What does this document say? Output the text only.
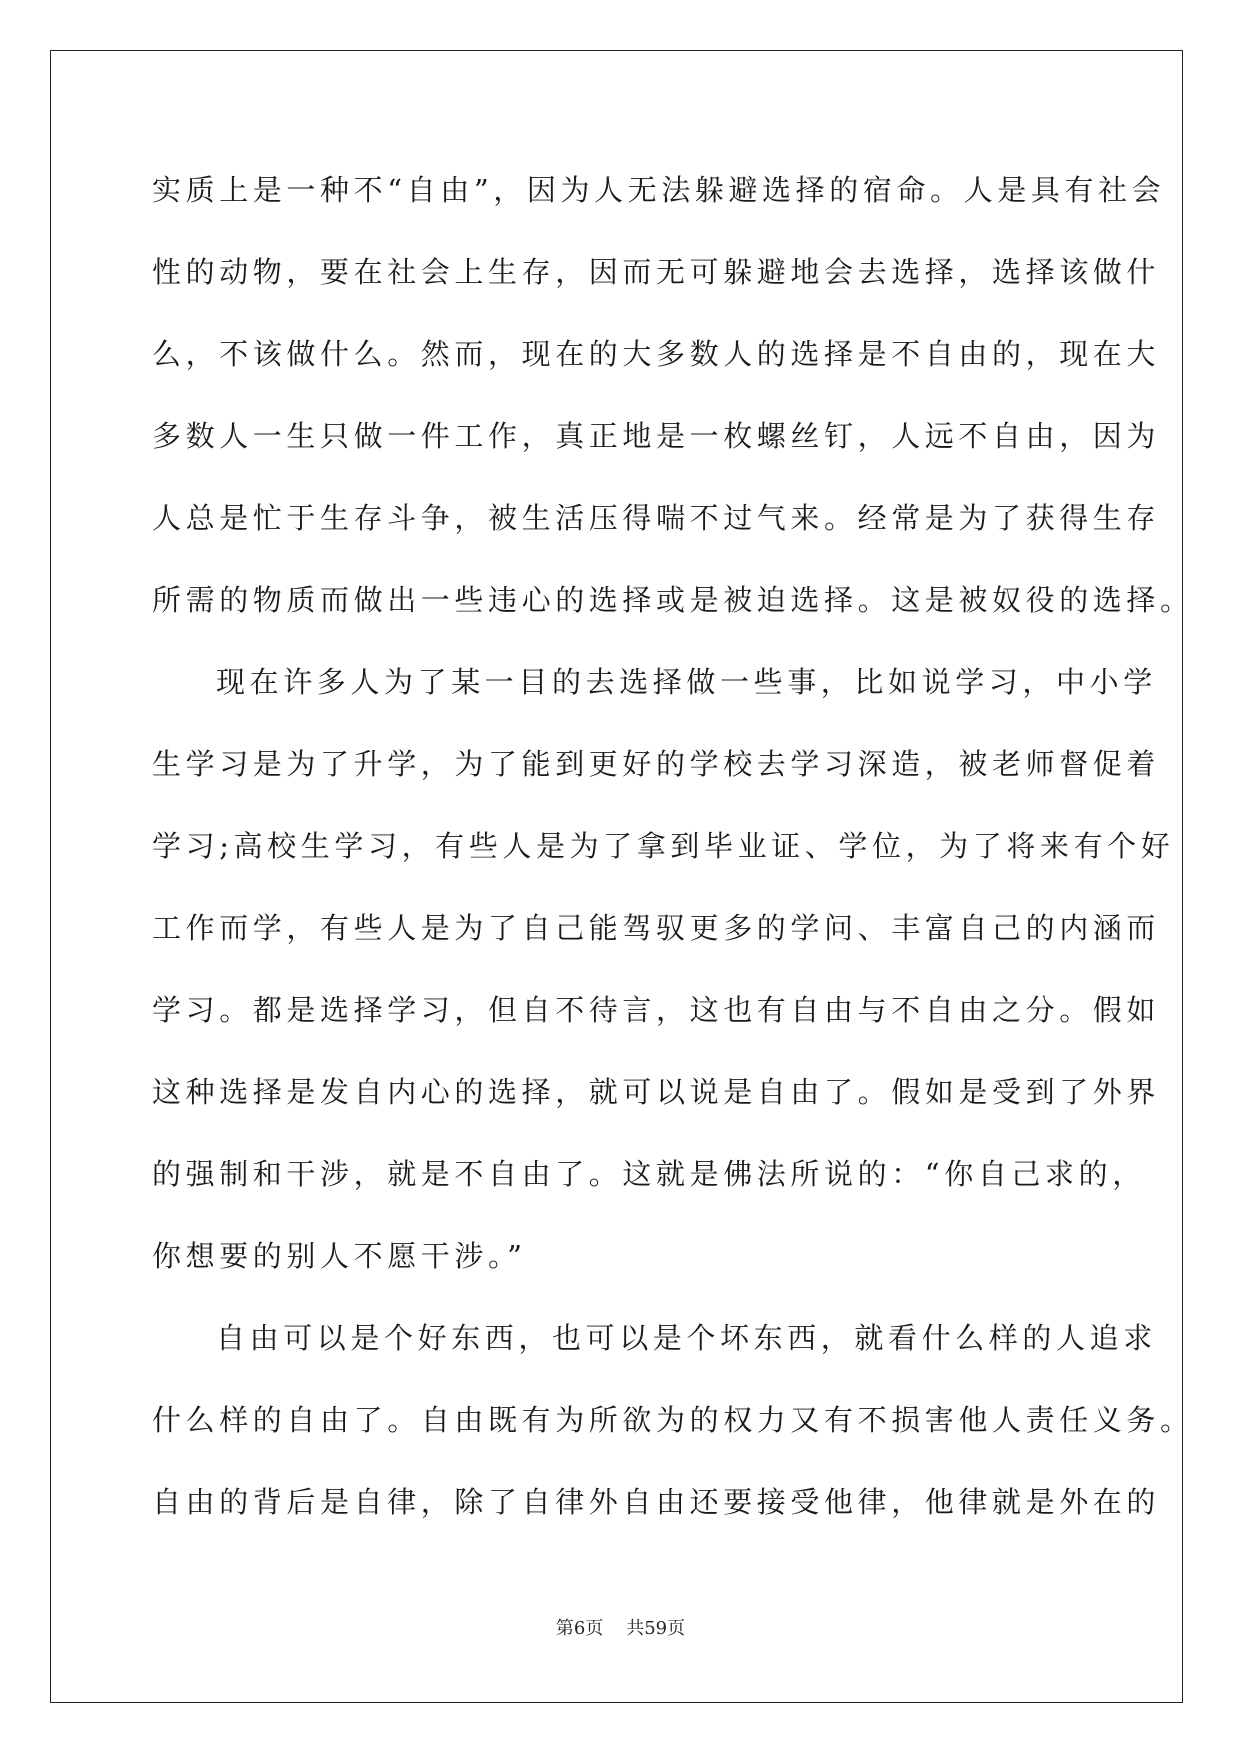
实质上是一种不“自由”，因为人无法躲避选择的宿命。人是具有社会
性的动物，要在社会上生存，因而无可躲避地会去选择，选择该做什
么，不该做什么。然而，现在的大多数人的选择是不自由的，现在大
多数人一生只做一件工作，真正地是一枚螺丝钉，人远不自由，因为
人总是忙于生存斗争，被生活压得喘不过气来。经常是为了获得生存
所需的物质而做出一些违心的选择或是被迫选择。这是被奴役的选择。
现在许多人为了某一目的去选择做一些事，比如说学习，中小学
生学习是为了升学，为了能到更好的学校去学习深造，被老师督促着
学习;高校生学习，有些人是为了拿到毕业证、学位，为了将来有个好
工作而学，有些人是为了自己能驾驭更多的学问、丰富自己的内涵而
学习。都是选择学习，但自不待言，这也有自由与不自由之分。假如
这种选择是发自内心的选择，就可以说是自由了。假如是受到了外界
的强制和干涉，就是不自由了。这就是佛法所说的：“你自己求的，
你想要的别人不愿干涉。”
自由可以是个好东西，也可以是个坏东西，就看什么样的人追求
什么样的自由了。自由既有为所欲为的权力又有不损害他人责任义务。
自由的背后是自律，除了自律外自由还要接受他律，他律就是外在的
第6页 共59页
